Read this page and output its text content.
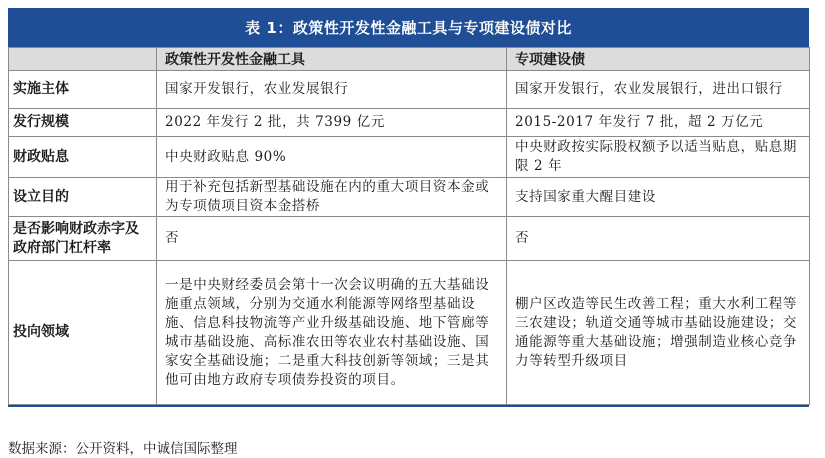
表 1：政策性开发性金融工具与专项建设债对比
	政策性开发性金融工具	专项建设债
实施主体	国家开发银行，农业发展银行	国家开发银行，农业发展银行，进出口银行
发行规模	2022 年发行 2 批，共 7399 亿元	2015-2017 年发行 7 批，超 2 万亿元
财政贴息	中央财政贴息 90%	中央财政按实际股权额予以适当贴息，贴息期限 2 年
设立目的	用于补充包括新型基础设施在内的重大项目资本金或为专项债项目资本金搭桥	支持国家重大醒目建设
是否影响财政赤字及政府部门杠杆率	否	否
投向领域	一是中央财经委员会第十一次会议明确的五大基础设施重点领域，分别为交通水利能源等网络型基础设施、信息科技物流等产业升级基础设施、地下管廊等城市基础设施、高标准农田等农业农村基础设施、国家安全基础设施；二是重大科技创新等领域；三是其他可由地方政府专项债券投资的项目。	棚户区改造等民生改善工程；重大水利工程等三农建设；轨道交通等城市基础设施建设；交通能源等重大基础设施；增强制造业核心竞争力等转型升级项目
数据来源：公开资料，中诚信国际整理
